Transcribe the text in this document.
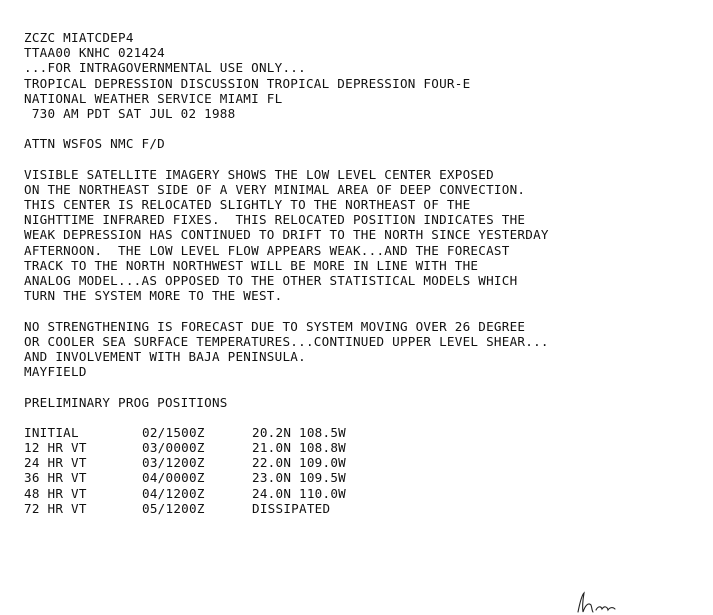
ZCZC MIATCDEP4
TTAA00 KNHC 021424
...FOR INTRAGOVERNMENTAL USE ONLY...
TROPICAL DEPRESSION DISCUSSION TROPICAL DEPRESSION FOUR-E
NATIONAL WEATHER SERVICE MIAMI FL
730 AM PDT SAT JUL 02 1988
ATTN WSFOS NMC F/D
VISIBLE SATELLITE IMAGERY SHOWS THE LOW LEVEL CENTER EXPOSED
ON THE NORTHEAST SIDE OF A VERY MINIMAL AREA OF DEEP CONVECTION.
THIS CENTER IS RELOCATED SLIGHTLY TO THE NORTHEAST OF THE
NIGHTTIME INFRARED FIXES.  THIS RELOCATED POSITION INDICATES THE
WEAK DEPRESSION HAS CONTINUED TO DRIFT TO THE NORTH SINCE YESTERDAY
AFTERNOON.  THE LOW LEVEL FLOW APPEARS WEAK...AND THE FORECAST
TRACK TO THE NORTH NORTHWEST WILL BE MORE IN LINE WITH THE
ANALOG MODEL...AS OPPOSED TO THE OTHER STATISTICAL MODELS WHICH
TURN THE SYSTEM MORE TO THE WEST.
NO STRENGTHENING IS FORECAST DUE TO SYSTEM MOVING OVER 26 DEGREE
OR COOLER SEA SURFACE TEMPERATURES...CONTINUED UPPER LEVEL SHEAR...
AND INVOLVEMENT WITH BAJA PENINSULA.
MAYFIELD
PRELIMINARY PROG POSITIONS
INITIAL	02/1500Z	20.2N 108.5W
12 HR VT	03/0000Z	21.0N 108.8W
24 HR VT	03/1200Z	22.0N 109.0W
36 HR VT	04/0000Z	23.0N 109.5W
48 HR VT	04/1200Z	24.0N 110.0W
72 HR VT	05/1200Z	DISSIPATED
